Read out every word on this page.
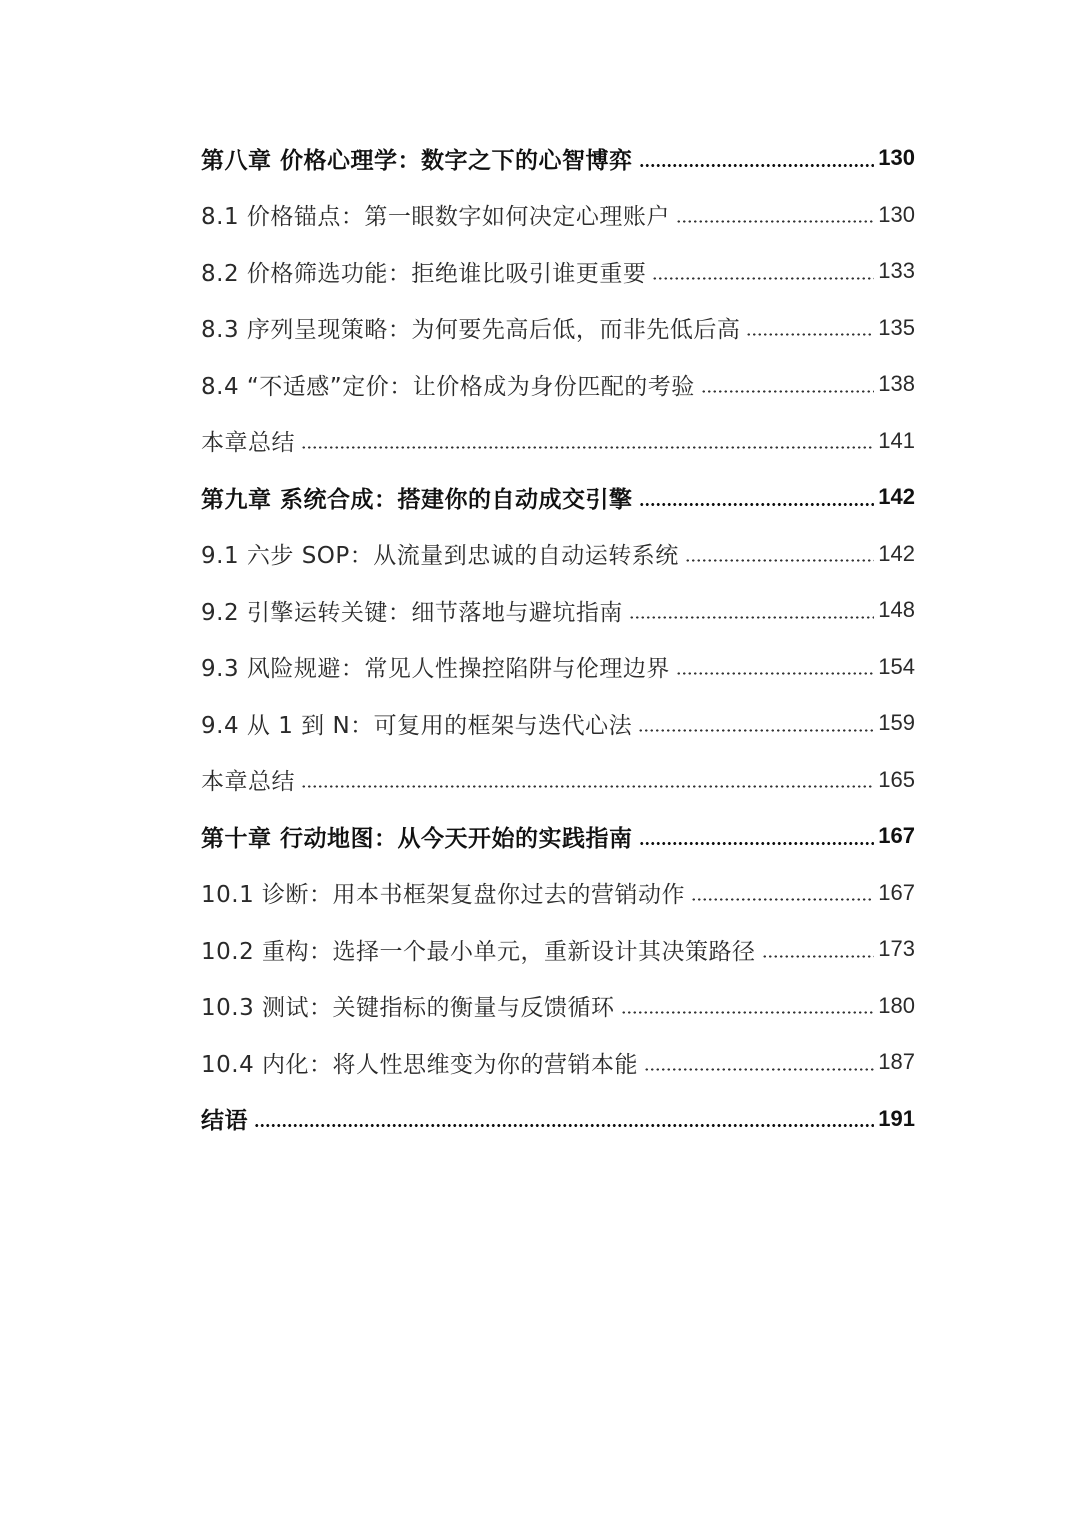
第八章 价格心理学：数字之下的心智博弈	130
8.1 价格锚点：第一眼数字如何决定心理账户	130
8.2 价格筛选功能：拒绝谁比吸引谁更重要	133
8.3 序列呈现策略：为何要先高后低，而非先低后高	135
8.4 “不适感”定价：让价格成为身份匹配的考验	138
本章总结	141
第九章 系统合成：搭建你的自动成交引擎	142
9.1 六步 SOP：从流量到忠诚的自动运转系统	142
9.2 引擎运转关键：细节落地与避坑指南	148
9.3 风险规避：常见人性操控陷阱与伦理边界	154
9.4 从 1 到 N：可复用的框架与迭代心法	159
本章总结	165
第十章 行动地图：从今天开始的实践指南	167
10.1 诊断：用本书框架复盘你过去的营销动作	167
10.2 重构：选择一个最小单元，重新设计其决策路径	173
10.3 测试：关键指标的衡量与反馈循环	180
10.4 内化：将人性思维变为你的营销本能	187
结语	191
